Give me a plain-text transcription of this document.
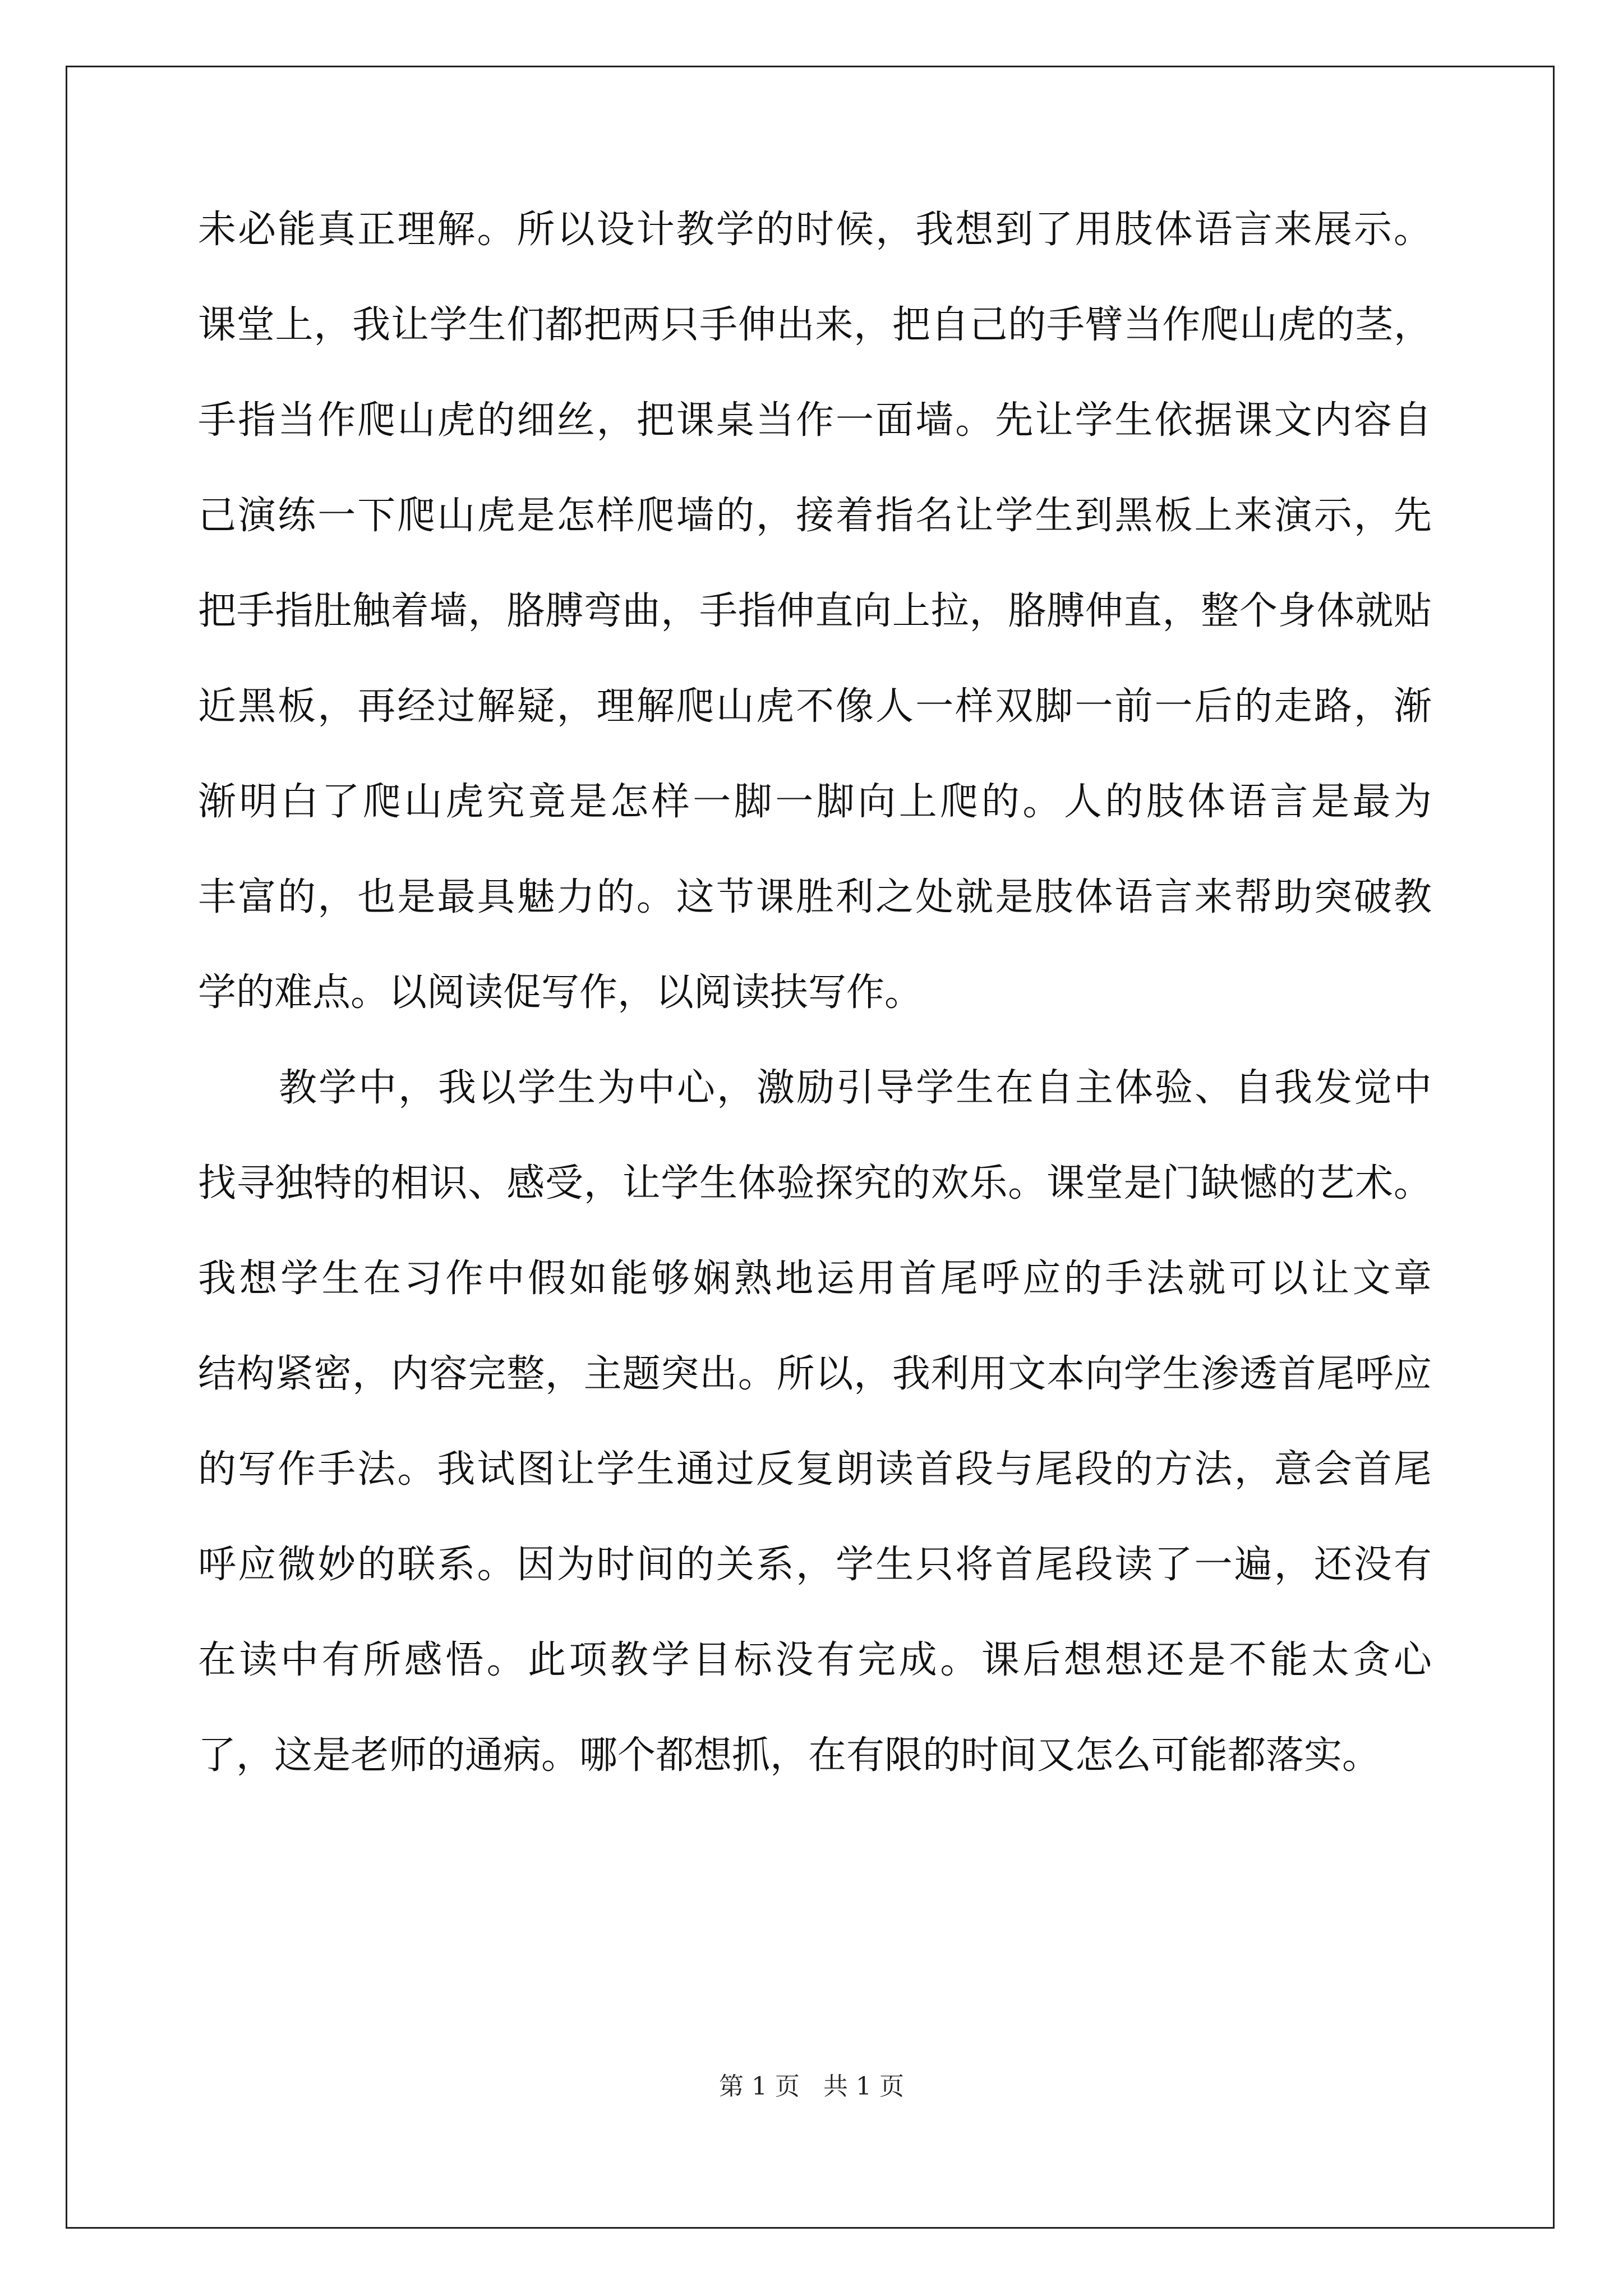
未必能真正理解。所以设计教学的时候，我想到了用肢体语言来展示。
课堂上，我让学生们都把两只手伸出来，把自己的手臂当作爬山虎的茎，
手指当作爬山虎的细丝，把课桌当作一面墙。先让学生依据课文内容自
己演练一下爬山虎是怎样爬墙的，接着指名让学生到黑板上来演示，先
把手指肚触着墙，胳膊弯曲，手指伸直向上拉，胳膊伸直，整个身体就贴
近黑板，再经过解疑，理解爬山虎不像人一样双脚一前一后的走路，渐
渐明白了爬山虎究竟是怎样一脚一脚向上爬的。人的肢体语言是最为
丰富的，也是最具魅力的。这节课胜利之处就是肢体语言来帮助突破教
学的难点。以阅读促写作，以阅读扶写作。
教学中，我以学生为中心，激励引导学生在自主体验、自我发觉中
找寻独特的相识、感受，让学生体验探究的欢乐。课堂是门缺憾的艺术。
我想学生在习作中假如能够娴熟地运用首尾呼应的手法就可以让文章
结构紧密，内容完整，主题突出。所以，我利用文本向学生渗透首尾呼应
的写作手法。我试图让学生通过反复朗读首段与尾段的方法，意会首尾
呼应微妙的联系。因为时间的关系，学生只将首尾段读了一遍，还没有
在读中有所感悟。此项教学目标没有完成。课后想想还是不能太贪心
了，这是老师的通病。哪个都想抓，在有限的时间又怎么可能都落实。
第 1 页   共 1 页
